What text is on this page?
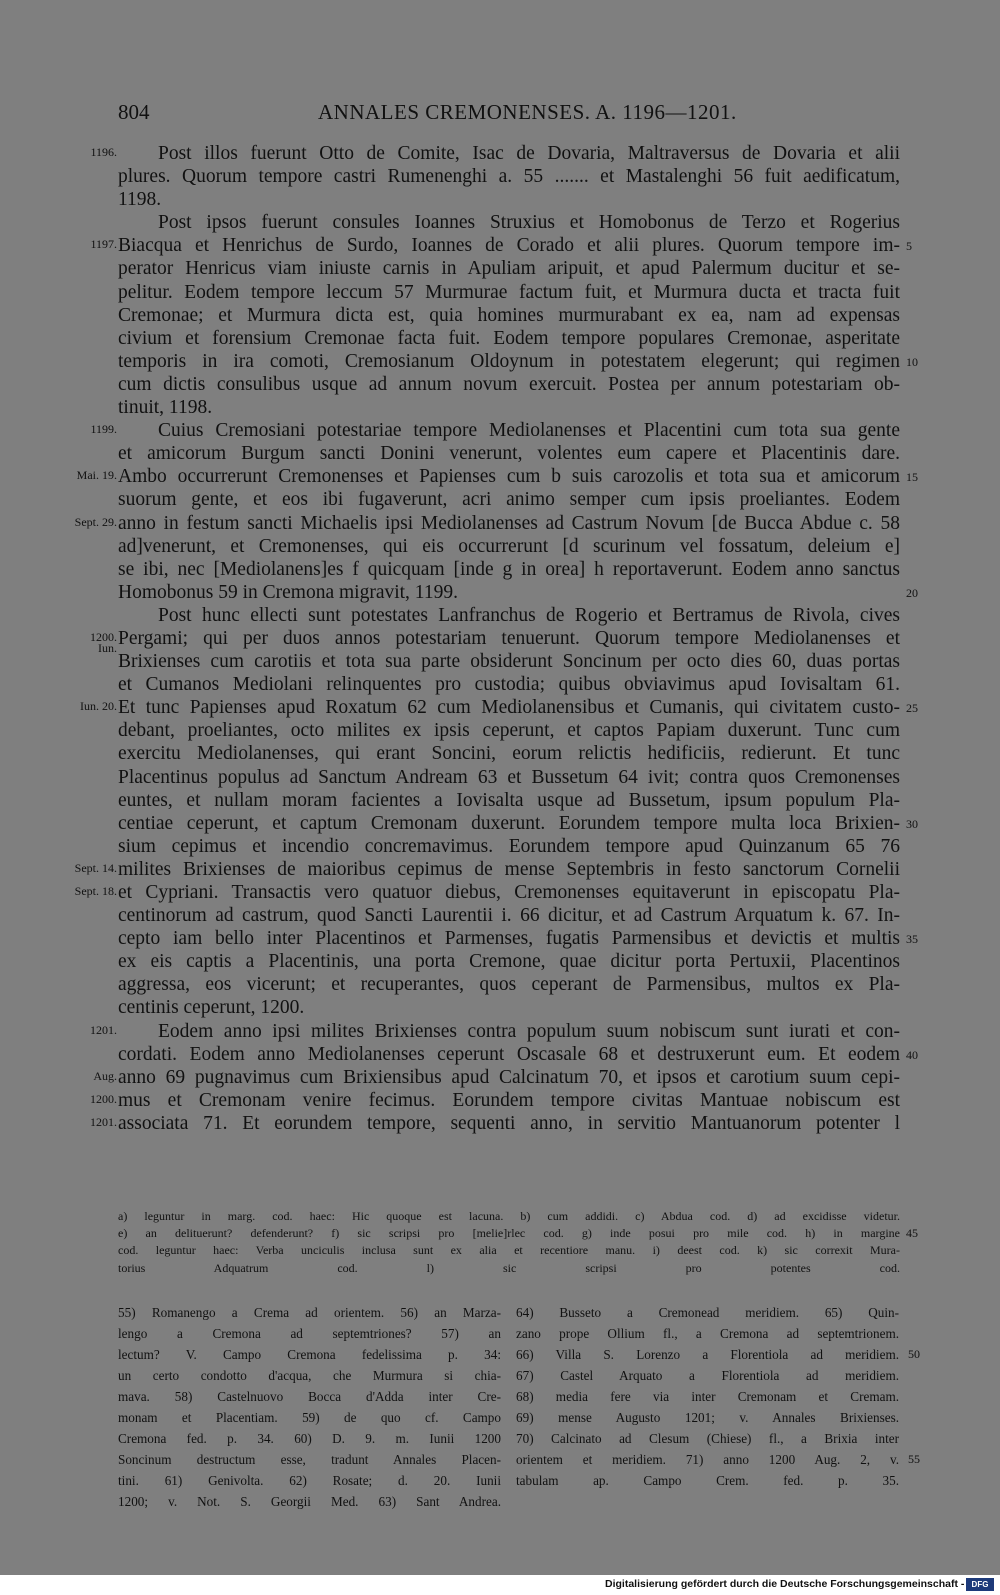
804	ANNALES CREMONENSES. A. 1196—1201.
Post illos fuerunt Otto de Comite, Isac de Dovaria, Maltraversus de Dovaria et alii
1196.
plures. Quorum tempore castri Rumenenghi a. 55 ....... et Mastalenghi 56 fuit aedificatum,
1198.
Post ipsos fuerunt consules Ioannes Struxius et Homobonus de Terzo et Rogerius
Biacqua et Henrichus de Surdo, Ioannes de Corado et alii plures. Quorum tempore im-
1197.	5
perator Henricus viam iniuste carnis in Apuliam aripuit, et apud Palermum ducitur et se-
pelitur. Eodem tempore leccum 57 Murmurae factum fuit, et Murmura ducta et tracta fuit
Cremonae; et Murmura dicta est, quia homines murmurabant ex ea, nam ad expensas
civium et forensium Cremonae facta fuit. Eodem tempore populares Cremonae, asperitate
temporis in ira comoti, Cremosianum Oldoynum in potestatem elegerunt; qui regimen 10
cum dictis consulibus usque ad annum novum exercuit. Postea per annum potestariam ob-
tinuit, 1198.
Cuius Cremosiani potestariae tempore Mediolanenses et Placentini cum tota sua gente
1199.
et amicorum Burgum sancti Donini venerunt, volentes eum capere et Placentinis dare.
Ambo occurrerunt Cremonenses et Papienses cum b suis carozolis et tota sua et amicorum
Mai. 19.	15
suorum gente, et eos ibi fugaverunt, acri animo semper cum ipsis proeliantes. Eodem
anno in festum sancti Michaelis ipsi Mediolanenses ad Castrum Novum [de Bucca Abdue c. 58
Sept. 29.
ad]venerunt, et Cremonenses, qui eis occurrerunt [d scurinum vel fossatum, deleium e]
se ibi, nec [Mediolanens]es f quicquam [inde g in orea] h reportaverunt. Eodem anno sanctus
Homobonus 59 in Cremona migravit, 1199.	20
Post hunc ellecti sunt potestates Lanfranchus de Rogerio et Bertramus de Rivola, cives
Pergami; qui per duos annos potestariam tenuerunt. Quorum tempore Mediolanenses et
1200.
Iun.
Brixienses cum carotiis et tota sua parte obsiderunt Soncinum per octo dies 60, duas portas
et Cumanos Mediolani relinquentes pro custodia; quibus obviavimus apud Iovisaltam 61.
Et tunc Papienses apud Roxatum 62 cum Mediolanensibus et Cumanis, qui civitatem custo-
Iun. 20.	25
debant, proeliantes, octo milites ex ipsis ceperunt, et captos Papiam duxerunt. Tunc cum
exercitu Mediolanenses, qui erant Soncini, eorum relictis hedificiis, redierunt. Et tunc
Placentinus populus ad Sanctum Andream 63 et Bussetum 64 ivit; contra quos Cremonenses
euntes, et nullam moram facientes a Iovisalta usque ad Bussetum, ipsum populum Pla-
centiae ceperunt, et captum Cremonam duxerunt. Eorundem tempore multa loca Brixien- 30
sium cepimus et incendio concremavimus. Eorundem tempore apud Quinzanum 65 76
milites Brixienses de maioribus cepimus de mense Septembris in festo sanctorum Cornelii
Sept. 14.
et Cypriani. Transactis vero quatuor diebus, Cremonenses equitaverunt in episcopatu Pla-
Sept. 18.
centinorum ad castrum, quod Sancti Laurentii i. 66 dicitur, et ad Castrum Arquatum k. 67. In-
cepto iam bello inter Placentinos et Parmenses, fugatis Parmensibus et devictis et multis 35
ex eis captis a Placentinis, una porta Cremone, quae dicitur porta Pertuxii, Placentinos
aggressa, eos vicerunt; et recuperantes, quos ceperant de Parmensibus, multos ex Pla-
centinis ceperunt, 1200.
Eodem anno ipsi milites Brixienses contra populum suum nobiscum sunt iurati et con-
1201.
cordati. Eodem anno Mediolanenses ceperunt Oscasale 68 et destruxerunt eum. Et eodem 40
anno 69 pugnavimus cum Brixiensibus apud Calcinatum 70, et ipsos et carotium suum cepi-
Aug.
mus et Cremonam venire fecimus. Eorundem tempore civitas Mantuae nobiscum est
1200.
associata 71. Et eorundem tempore, sequenti anno, in servitio Mantuanorum potenter l
1201.
a) leguntur in marg. cod. haec: Hic quoque est lacuna. b) cum addidi. c) Abdua cod. d) ad excidisse videtur.
e) an delituerunt? defenderunt? f) sic scripsi pro [melie]rlec cod. g) inde posui pro mile cod. h) in margine 45
cod. leguntur haec: Verba unciculis inclusa sunt ex alia et recentiore manu. i) deest cod. k) sic correxit Mura-
torius Adquatrum cod. l) sic scripsi pro potentes cod.
55) Romanengo a Crema ad orientem. 56) an Marza-
lengo a Cremona ad septemtriones? 57) an
lectum? V. Campo Cremona fedelissima p. 34:
un certo condotto d'acqua, che Murmura si chia-
mava. 58) Castelnuovo Bocca d'Adda inter Cre-
monam et Placentiam. 59) de quo cf. Campo
Cremona fed. p. 34. 60) D. 9. m. Iunii 1200
Soncinum destructum esse, tradunt Annales Placen-
tini. 61) Genivolta. 62) Rosate; d. 20. Iunii
1200; v. Not. S. Georgii Med. 63) Sant Andrea.
64) Busseto a Cremonead meridiem. 65) Quin-
zano prope Ollium fl., a Cremona ad septemtrionem.
66) Villa S. Lorenzo a Florentiola ad meridiem.
67) Castel Arquato a Florentiola ad meridiem.
68) media fere via inter Cremonam et Cremam.
69) mense Augusto 1201; v. Annales Brixienses.
70) Calcinato ad Clesum (Chiese) fl., a Brixia inter
orientem et meridiem. 71) anno 1200 Aug. 2, v.
tabulam ap. Campo Crem. fed. p. 35.
50
55
Digitalisierung gefördert durch die Deutsche Forschungsgemeinschaft - DFG
